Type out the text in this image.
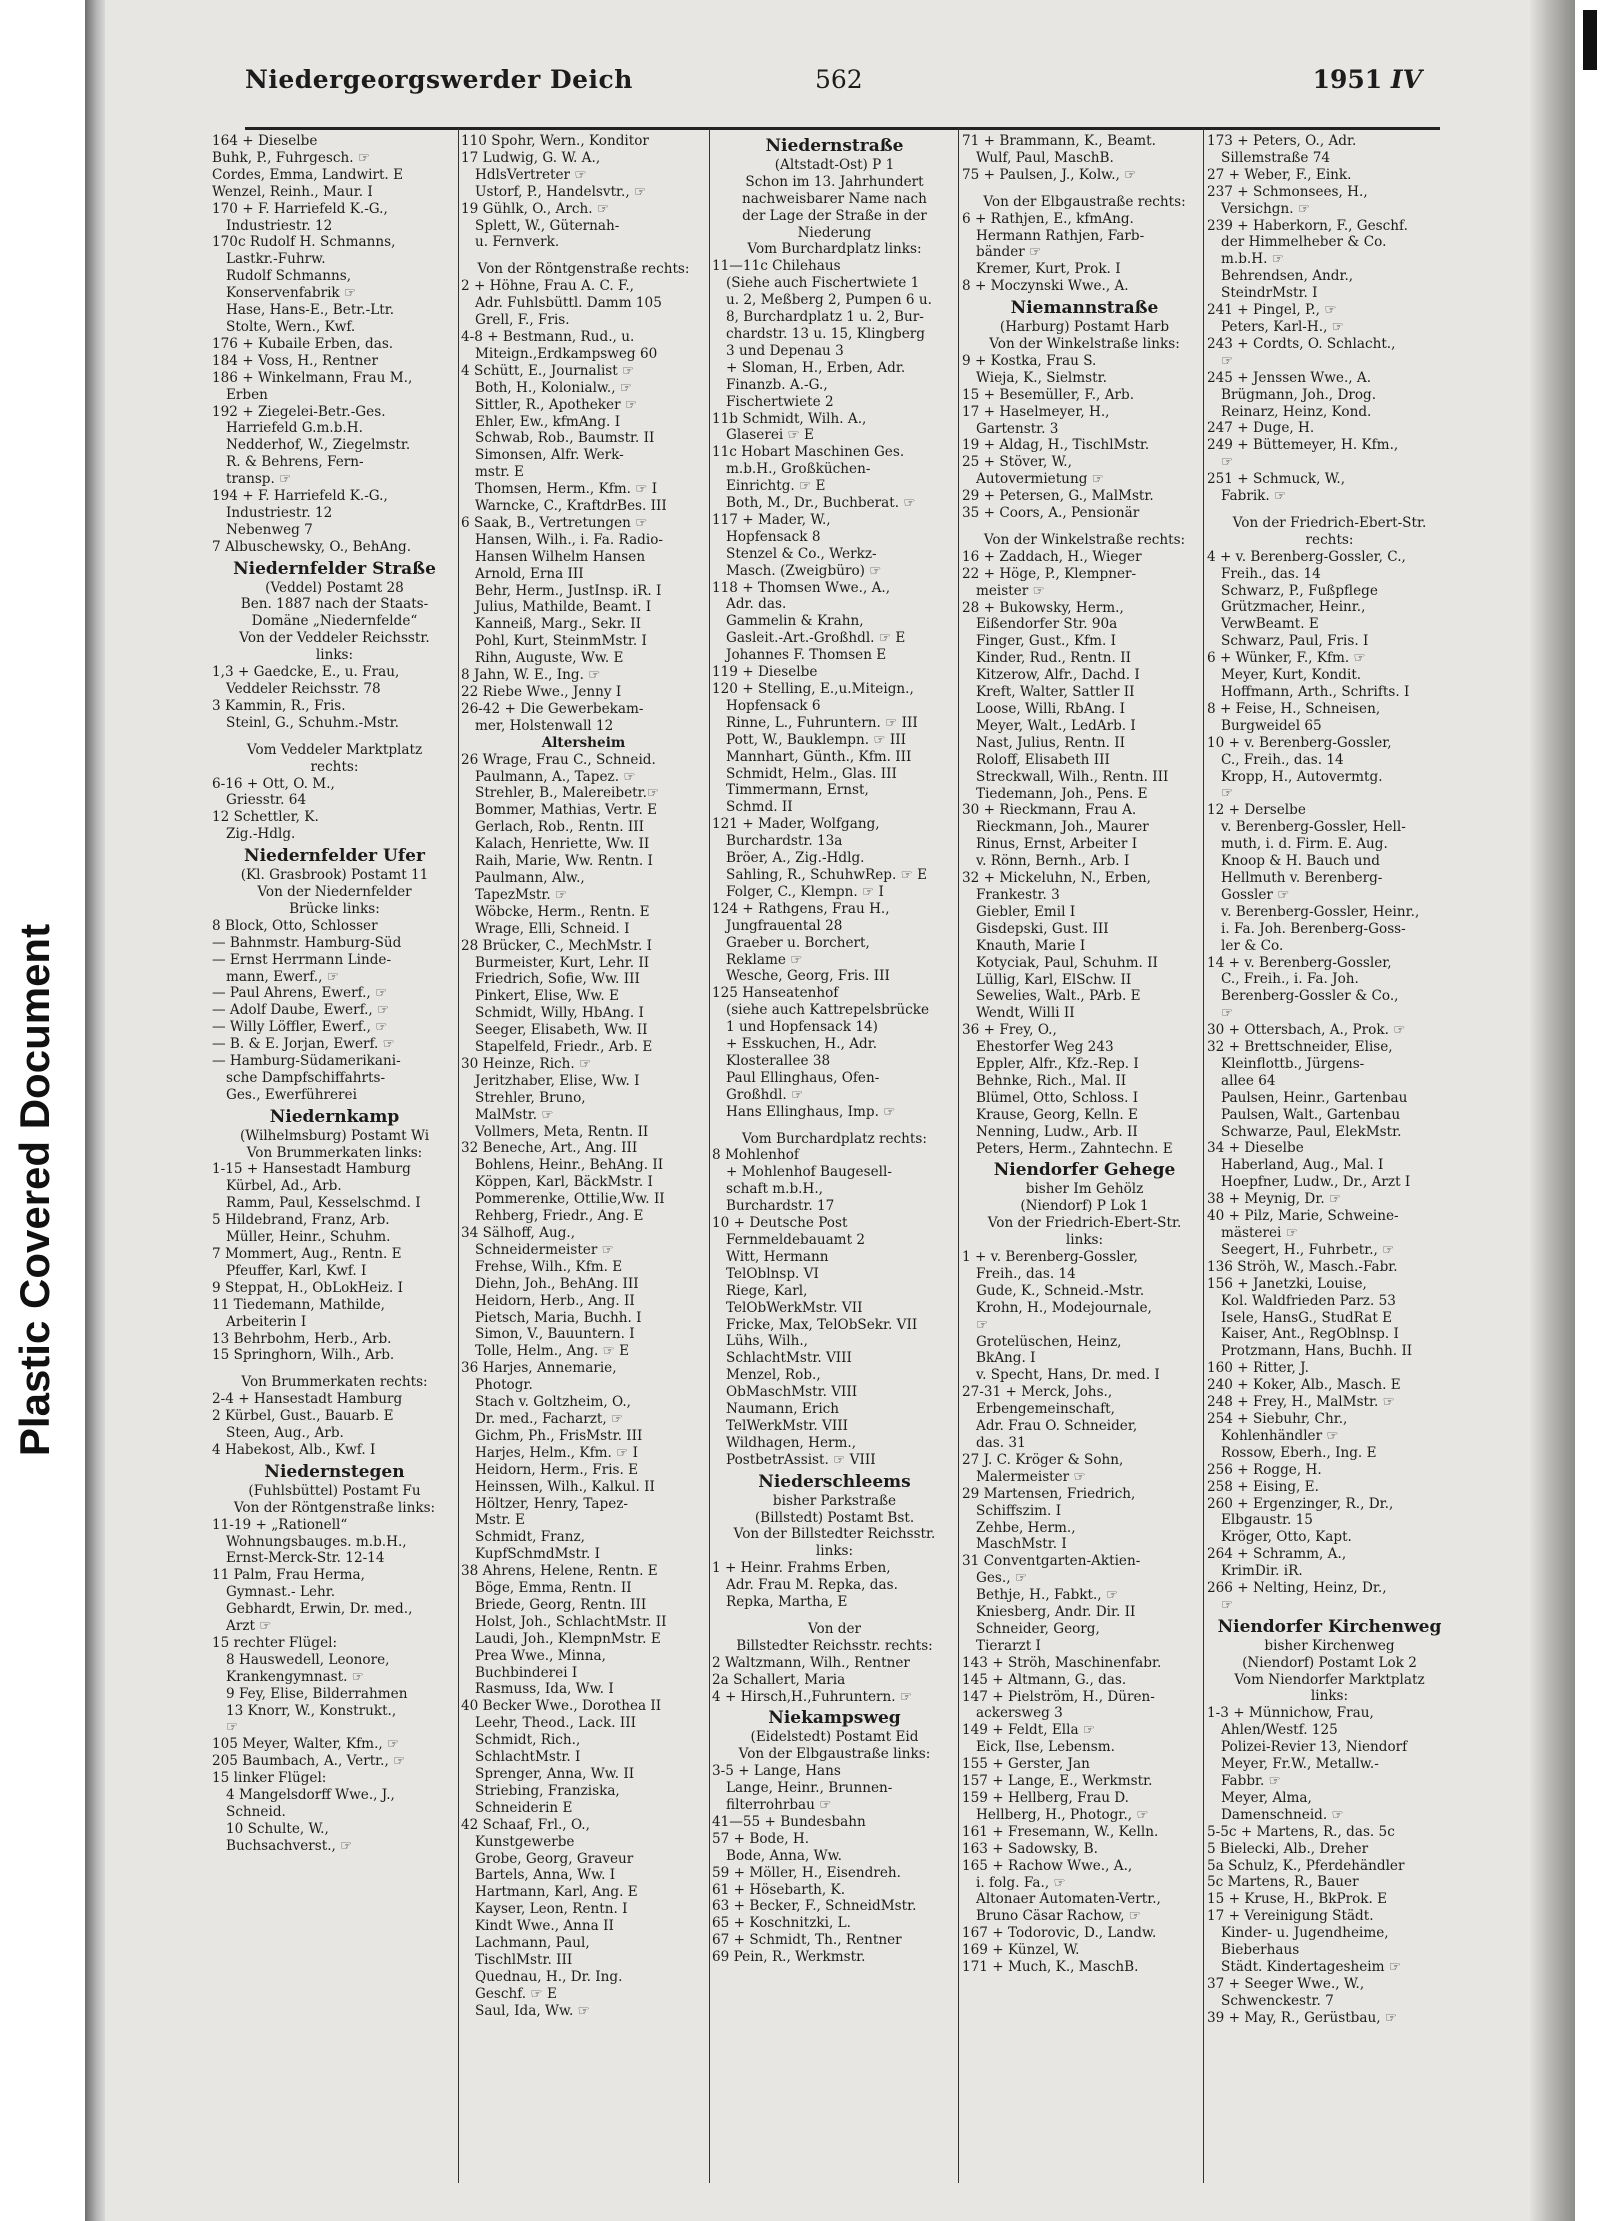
Plastic Covered Document
Niedergeorgswerder Deich	562	1951 IV
164 + Dieselbe
Buhk, P., Fuhrgesch. ☞
Cordes, Emma, Landwirt. E
Wenzel, Reinh., Maur. I
170 + F. Harriefeld K.-G.,
Industriestr. 12
170c Rudolf H. Schmanns,
Lastkr.-Fuhrw.
Rudolf Schmanns,
Konservenfabrik ☞
Hase, Hans-E., Betr.-Ltr.
Stolte, Wern., Kwf.
176 + Kubaile Erben, das.
184 + Voss, H., Rentner
186 + Winkelmann, Frau M.,
Erben
192 + Ziegelei-Betr.-Ges.
Harriefeld G.m.b.H.
Nedderhof, W., Ziegelmstr.
R. & Behrens, Fern-
transp. ☞
194 + F. Harriefeld K.-G.,
Industriestr. 12
Nebenweg 7
7 Albuschewsky, O., BehAng.
Niedernfelder Straße
(Veddel) Postamt 28
Ben. 1887 nach der Staats-
Domäne „Niedernfelde“
Von der Veddeler Reichsstr.
links:
1,3 + Gaedcke, E., u. Frau,
Veddeler Reichsstr. 78
3 Kammin, R., Fris.
Steinl, G., Schuhm.-Mstr.
Vom Veddeler Marktplatz
rechts:
6-16 + Ott, O. M.,
Griesstr. 64
12 Schettler, K.
Zig.-Hdlg.
Niedernfelder Ufer
(Kl. Grasbrook) Postamt 11
Von der Niedernfelder
Brücke links:
8 Block, Otto, Schlosser
— Bahnmstr. Hamburg-Süd
— Ernst Herrmann Linde-
mann, Ewerf., ☞
— Paul Ahrens, Ewerf., ☞
— Adolf Daube, Ewerf., ☞
— Willy Löffler, Ewerf., ☞
— B. & E. Jorjan, Ewerf. ☞
— Hamburg-Südamerikani-
sche Dampfschiffahrts-
Ges., Ewerführerei
Niedernkamp
(Wilhelmsburg) Postamt Wi
Von Brummerkaten links:
1-15 + Hansestadt Hamburg
Kürbel, Ad., Arb.
Ramm, Paul, Kesselschmd. I
5 Hildebrand, Franz, Arb.
Müller, Heinr., Schuhm.
7 Mommert, Aug., Rentn. E
Pfeuffer, Karl, Kwf. I
9 Steppat, H., ObLokHeiz. I
11 Tiedemann, Mathilde,
Arbeiterin I
13 Behrbohm, Herb., Arb.
15 Springhorn, Wilh., Arb.
Von Brummerkaten rechts:
2-4 + Hansestadt Hamburg
2 Kürbel, Gust., Bauarb. E
Steen, Aug., Arb.
4 Habekost, Alb., Kwf. I
Niedernstegen
(Fuhlsbüttel) Postamt Fu
Von der Röntgenstraße links:
11-19 + „Rationell“
Wohnungsbauges. m.b.H.,
Ernst-Merck-Str. 12-14
11 Palm, Frau Herma,
Gymnast.- Lehr.
Gebhardt, Erwin, Dr. med.,
Arzt ☞
15 rechter Flügel:
8 Hauswedell, Leonore,
Krankengymnast. ☞
9 Fey, Elise, Bilderrahmen
13 Knorr, W., Konstrukt.,
☞
105 Meyer, Walter, Kfm., ☞
205 Baumbach, A., Vertr., ☞
15 linker Flügel:
4 Mangelsdorff Wwe., J.,
Schneid.
10 Schulte, W.,
Buchsachverst., ☞
110 Spohr, Wern., Konditor
17 Ludwig, G. W. A.,
HdlsVertreter ☞
Ustorf, P., Handelsvtr., ☞
19 Gühlk, O., Arch. ☞
Splett, W., Güternah-
u. Fernverk.
Von der Röntgenstraße rechts:
2 + Höhne, Frau A. C. F.,
Adr. Fuhlsbüttl. Damm 105
Grell, F., Fris.
4-8 + Bestmann, Rud., u.
Miteign.,Erdkampsweg 60
4 Schütt, E., Journalist ☞
Both, H., Kolonialw., ☞
Sittler, R., Apotheker ☞
Ehler, Ew., kfmAng. I
Schwab, Rob., Baumstr. II
Simonsen, Alfr. Werk-
mstr. E
Thomsen, Herm., Kfm. ☞ I
Warncke, C., KraftdrBes. III
6 Saak, B., Vertretungen ☞
Hansen, Wilh., i. Fa. Radio-
Hansen Wilhelm Hansen
Arnold, Erna III
Behr, Herm., JustInsp. iR. I
Julius, Mathilde, Beamt. I
Kanneiß, Marg., Sekr. II
Pohl, Kurt, SteinmMstr. I
Rihn, Auguste, Ww. E
8 Jahn, W. E., Ing. ☞
22 Riebe Wwe., Jenny I
26-42 + Die Gewerbekam-
mer, Holstenwall 12
Altersheim
26 Wrage, Frau C., Schneid.
Paulmann, A., Tapez. ☞
Strehler, B., Malereibetr.☞
Bommer, Mathias, Vertr. E
Gerlach, Rob., Rentn. III
Kalach, Henriette, Ww. II
Raih, Marie, Ww. Rentn. I
Paulmann, Alw.,
TapezMstr. ☞
Wöbcke, Herm., Rentn. E
Wrage, Elli, Schneid. I
28 Brücker, C., MechMstr. I
Burmeister, Kurt, Lehr. II
Friedrich, Sofie, Ww. III
Pinkert, Elise, Ww. E
Schmidt, Willy, HbAng. I
Seeger, Elisabeth, Ww. II
Stapelfeld, Friedr., Arb. E
30 Heinze, Rich. ☞
Jeritzhaber, Elise, Ww. I
Strehler, Bruno,
MalMstr. ☞
Vollmers, Meta, Rentn. II
32 Beneche, Art., Ang. III
Bohlens, Heinr., BehAng. II
Köppen, Karl, BäckMstr. I
Pommerenke, Ottilie,Ww. II
Rehberg, Friedr., Ang. E
34 Sälhoff, Aug.,
Schneidermeister ☞
Frehse, Wilh., Kfm. E
Diehn, Joh., BehAng. III
Heidorn, Herb., Ang. II
Pietsch, Maria, Buchh. I
Simon, V., Bauuntern. I
Tolle, Helm., Ang. ☞ E
36 Harjes, Annemarie,
Photogr.
Stach v. Goltzheim, O.,
Dr. med., Facharzt, ☞
Gichm, Ph., FrisMstr. III
Harjes, Helm., Kfm. ☞ I
Heidorn, Herm., Fris. E
Heinssen, Wilh., Kalkul. II
Höltzer, Henry, Tapez-
Mstr. E
Schmidt, Franz,
KupfSchmdMstr. I
38 Ahrens, Helene, Rentn. E
Böge, Emma, Rentn. II
Briede, Georg, Rentn. III
Holst, Joh., SchlachtMstr. II
Laudi, Joh., KlempnMstr. E
Prea Wwe., Minna,
Buchbinderei I
Rasmuss, Ida, Ww. I
40 Becker Wwe., Dorothea II
Leehr, Theod., Lack. III
Schmidt, Rich.,
SchlachtMstr. I
Sprenger, Anna, Ww. II
Striebing, Franziska,
Schneiderin E
42 Schaaf, Frl., O.,
Kunstgewerbe
Grobe, Georg, Graveur
Bartels, Anna, Ww. I
Hartmann, Karl, Ang. E
Kayser, Leon, Rentn. I
Kindt Wwe., Anna II
Lachmann, Paul,
TischlMstr. III
Quednau, H., Dr. Ing.
Geschf. ☞ E
Saul, Ida, Ww. ☞
Niedernstraße
(Altstadt-Ost) P 1
Schon im 13. Jahrhundert
nachweisbarer Name nach
der Lage der Straße in der
Niederung
Vom Burchardplatz links:
11—11c Chilehaus
(Siehe auch Fischertwiete 1
u. 2, Meßberg 2, Pumpen 6 u.
8, Burchardplatz 1 u. 2, Bur-
chardstr. 13 u. 15, Klingberg
3 und Depenau 3
+ Sloman, H., Erben, Adr.
Finanzb. A.-G.,
Fischertwiete 2
11b Schmidt, Wilh. A.,
Glaserei ☞ E
11c Hobart Maschinen Ges.
m.b.H., Großküchen-
Einrichtg. ☞ E
Both, M., Dr., Buchberat. ☞
117 + Mader, W.,
Hopfensack 8
Stenzel & Co., Werkz-
Masch. (Zweigbüro) ☞
118 + Thomsen Wwe., A.,
Adr. das.
Gammelin & Krahn,
Gasleit.-Art.-Großhdl. ☞ E
Johannes F. Thomsen E
119 + Dieselbe
120 + Stelling, E.,u.Miteign.,
Hopfensack 6
Rinne, L., Fuhruntern. ☞ III
Pott, W., Bauklempn. ☞ III
Mannhart, Günth., Kfm. III
Schmidt, Helm., Glas. III
Timmermann, Ernst,
Schmd. II
121 + Mader, Wolfgang,
Burchardstr. 13a
Bröer, A., Zig.-Hdlg.
Sahling, R., SchuhwRep. ☞ E
Folger, C., Klempn. ☞ I
124 + Rathgens, Frau H.,
Jungfrauental 28
Graeber u. Borchert,
Reklame ☞
Wesche, Georg, Fris. III
125 Hanseatenhof
(siehe auch Kattrepelsbrücke
1 und Hopfensack 14)
+ Esskuchen, H., Adr.
Klosterallee 38
Paul Ellinghaus, Ofen-
Großhdl. ☞
Hans Ellinghaus, Imp. ☞
Vom Burchardplatz rechts:
8 Mohlenhof
+ Mohlenhof Baugesell-
schaft m.b.H.,
Burchardstr. 17
10 + Deutsche Post
Fernmeldebauamt 2
Witt, Hermann
TelOblnsp. VI
Riege, Karl,
TelObWerkMstr. VII
Fricke, Max, TelObSekr. VII
Lühs, Wilh.,
SchlachtMstr. VIII
Menzel, Rob.,
ObMaschMstr. VIII
Naumann, Erich
TelWerkMstr. VIII
Wildhagen, Herm.,
PostbetrAssist. ☞ VIII
Niederschleems
bisher Parkstraße
(Billstedt) Postamt Bst.
Von der Billstedter Reichsstr.
links:
1 + Heinr. Frahms Erben,
Adr. Frau M. Repka, das.
Repka, Martha, E
Von der
Billstedter Reichsstr. rechts:
2 Waltzmann, Wilh., Rentner
2a Schallert, Maria
4 + Hirsch,H.,Fuhruntern. ☞
Niekampsweg
(Eidelstedt) Postamt Eid
Von der Elbgaustraße links:
3-5 + Lange, Hans
Lange, Heinr., Brunnen-
filterrohrbau ☞
41—55 + Bundesbahn
57 + Bode, H.
Bode, Anna, Ww.
59 + Möller, H., Eisendreh.
61 + Hösebarth, K.
63 + Becker, F., SchneidMstr.
65 + Koschnitzki, L.
67 + Schmidt, Th., Rentner
69 Pein, R., Werkmstr.
71 + Brammann, K., Beamt.
Wulf, Paul, MaschB.
75 + Paulsen, J., Kolw., ☞
Von der Elbgaustraße rechts:
6 + Rathjen, E., kfmAng.
Hermann Rathjen, Farb-
bänder ☞
Kremer, Kurt, Prok. I
8 + Moczynski Wwe., A.
Niemannstraße
(Harburg) Postamt Harb
Von der Winkelstraße links:
9 + Kostka, Frau S.
Wieja, K., Sielmstr.
15 + Besemüller, F., Arb.
17 + Haselmeyer, H.,
Gartenstr. 3
19 + Aldag, H., TischlMstr.
25 + Stöver, W.,
Autovermietung ☞
29 + Petersen, G., MalMstr.
35 + Coors, A., Pensionär
Von der Winkelstraße rechts:
16 + Zaddach, H., Wieger
22 + Höge, P., Klempner-
meister ☞
28 + Bukowsky, Herm.,
Eißendorfer Str. 90a
Finger, Gust., Kfm. I
Kinder, Rud., Rentn. II
Kitzerow, Alfr., Dachd. I
Kreft, Walter, Sattler II
Loose, Willi, RbAng. I
Meyer, Walt., LedArb. I
Nast, Julius, Rentn. II
Roloff, Elisabeth III
Streckwall, Wilh., Rentn. III
Tiedemann, Joh., Pens. E
30 + Rieckmann, Frau A.
Rieckmann, Joh., Maurer
Rinus, Ernst, Arbeiter I
v. Rönn, Bernh., Arb. I
32 + Mickeluhn, N., Erben,
Frankestr. 3
Giebler, Emil I
Gisdepski, Gust. III
Knauth, Marie I
Kotyciak, Paul, Schuhm. II
Lüllig, Karl, ElSchw. II
Sewelies, Walt., PArb. E
Wendt, Willi II
36 + Frey, O.,
Ehestorfer Weg 243
Eppler, Alfr., Kfz.-Rep. I
Behnke, Rich., Mal. II
Blümel, Otto, Schloss. I
Krause, Georg, Kelln. E
Nenning, Ludw., Arb. II
Peters, Herm., Zahntechn. E
Niendorfer Gehege
bisher Im Gehölz
(Niendorf) P Lok 1
Von der Friedrich-Ebert-Str.
links:
1 + v. Berenberg-Gossler,
Freih., das. 14
Gude, K., Schneid.-Mstr.
Krohn, H., Modejournale,
☞
Grotelüschen, Heinz,
BkAng. I
v. Specht, Hans, Dr. med. I
27-31 + Merck, Johs.,
Erbengemeinschaft,
Adr. Frau O. Schneider,
das. 31
27 J. C. Kröger & Sohn,
Malermeister ☞
29 Martensen, Friedrich,
Schiffszim. I
Zehbe, Herm.,
MaschMstr. I
31 Conventgarten-Aktien-
Ges., ☞
Bethje, H., Fabkt., ☞
Kniesberg, Andr. Dir. II
Schneider, Georg,
Tierarzt I
143 + Ströh, Maschinenfabr.
145 + Altmann, G., das.
147 + Pielström, H., Düren-
ackersweg 3
149 + Feldt, Ella ☞
Eick, Ilse, Lebensm.
155 + Gerster, Jan
157 + Lange, E., Werkmstr.
159 + Hellberg, Frau D.
Hellberg, H., Photogr., ☞
161 + Fresemann, W., Kelln.
163 + Sadowsky, B.
165 + Rachow Wwe., A.,
i. folg. Fa., ☞
Altonaer Automaten-Vertr.,
Bruno Cäsar Rachow, ☞
167 + Todorovic, D., Landw.
169 + Künzel, W.
171 + Much, K., MaschB.
173 + Peters, O., Adr.
Sillemstraße 74
27 + Weber, F., Eink.
237 + Schmonsees, H.,
Versichgn. ☞
239 + Haberkorn, F., Geschf.
der Himmelheber & Co.
m.b.H. ☞
Behrendsen, Andr.,
SteindrMstr. I
241 + Pingel, P., ☞
Peters, Karl-H., ☞
243 + Cordts, O. Schlacht.,
☞
245 + Jenssen Wwe., A.
Brügmann, Joh., Drog.
Reinarz, Heinz, Kond.
247 + Duge, H.
249 + Büttemeyer, H. Kfm.,
☞
251 + Schmuck, W.,
Fabrik. ☞
Von der Friedrich-Ebert-Str.
rechts:
4 + v. Berenberg-Gossler, C.,
Freih., das. 14
Schwarz, P., Fußpflege
Grützmacher, Heinr.,
VerwBeamt. E
Schwarz, Paul, Fris. I
6 + Wünker, F., Kfm. ☞
Meyer, Kurt, Kondit.
Hoffmann, Arth., Schrifts. I
8 + Feise, H., Schneisen,
Burgweidel 65
10 + v. Berenberg-Gossler,
C., Freih., das. 14
Kropp, H., Autovermtg.
☞
12 + Derselbe
v. Berenberg-Gossler, Hell-
muth, i. d. Firm. E. Aug.
Knoop & H. Bauch und
Hellmuth v. Berenberg-
Gossler ☞
v. Berenberg-Gossler, Heinr.,
i. Fa. Joh. Berenberg-Goss-
ler & Co.
14 + v. Berenberg-Gossler,
C., Freih., i. Fa. Joh.
Berenberg-Gossler & Co.,
☞
30 + Ottersbach, A., Prok. ☞
32 + Brettschneider, Elise,
Kleinflottb., Jürgens-
allee 64
Paulsen, Heinr., Gartenbau
Paulsen, Walt., Gartenbau
Schwarze, Paul, ElekMstr.
34 + Dieselbe
Haberland, Aug., Mal. I
Hoepfner, Ludw., Dr., Arzt I
38 + Meynig, Dr. ☞
40 + Pilz, Marie, Schweine-
mästerei ☞
Seegert, H., Fuhrbetr., ☞
136 Ströh, W., Masch.-Fabr.
156 + Janetzki, Louise,
Kol. Waldfrieden Parz. 53
Isele, HansG., StudRat E
Kaiser, Ant., RegOblnsp. I
Protzmann, Hans, Buchh. II
160 + Ritter, J.
240 + Koker, Alb., Masch. E
248 + Frey, H., MalMstr. ☞
254 + Siebuhr, Chr.,
Kohlenhändler ☞
Rossow, Eberh., Ing. E
256 + Rogge, H.
258 + Eising, E.
260 + Ergenzinger, R., Dr.,
Elbgaustr. 15
Kröger, Otto, Kapt.
264 + Schramm, A.,
KrimDir. iR.
266 + Nelting, Heinz, Dr.,
☞
Niendorfer Kirchenweg
bisher Kirchenweg
(Niendorf) Postamt Lok 2
Vom Niendorfer Marktplatz
links:
1-3 + Münnichow, Frau,
Ahlen/Westf. 125
Polizei-Revier 13, Niendorf
Meyer, Fr.W., Metallw.-
Fabbr. ☞
Meyer, Alma,
Damenschneid. ☞
5-5c + Martens, R., das. 5c
5 Bielecki, Alb., Dreher
5a Schulz, K., Pferdehändler
5c Martens, R., Bauer
15 + Kruse, H., BkProk. E
17 + Vereinigung Städt.
Kinder- u. Jugendheime,
Bieberhaus
Städt. Kindertagesheim ☞
37 + Seeger Wwe., W.,
Schwenckestr. 7
39 + May, R., Gerüstbau, ☞
